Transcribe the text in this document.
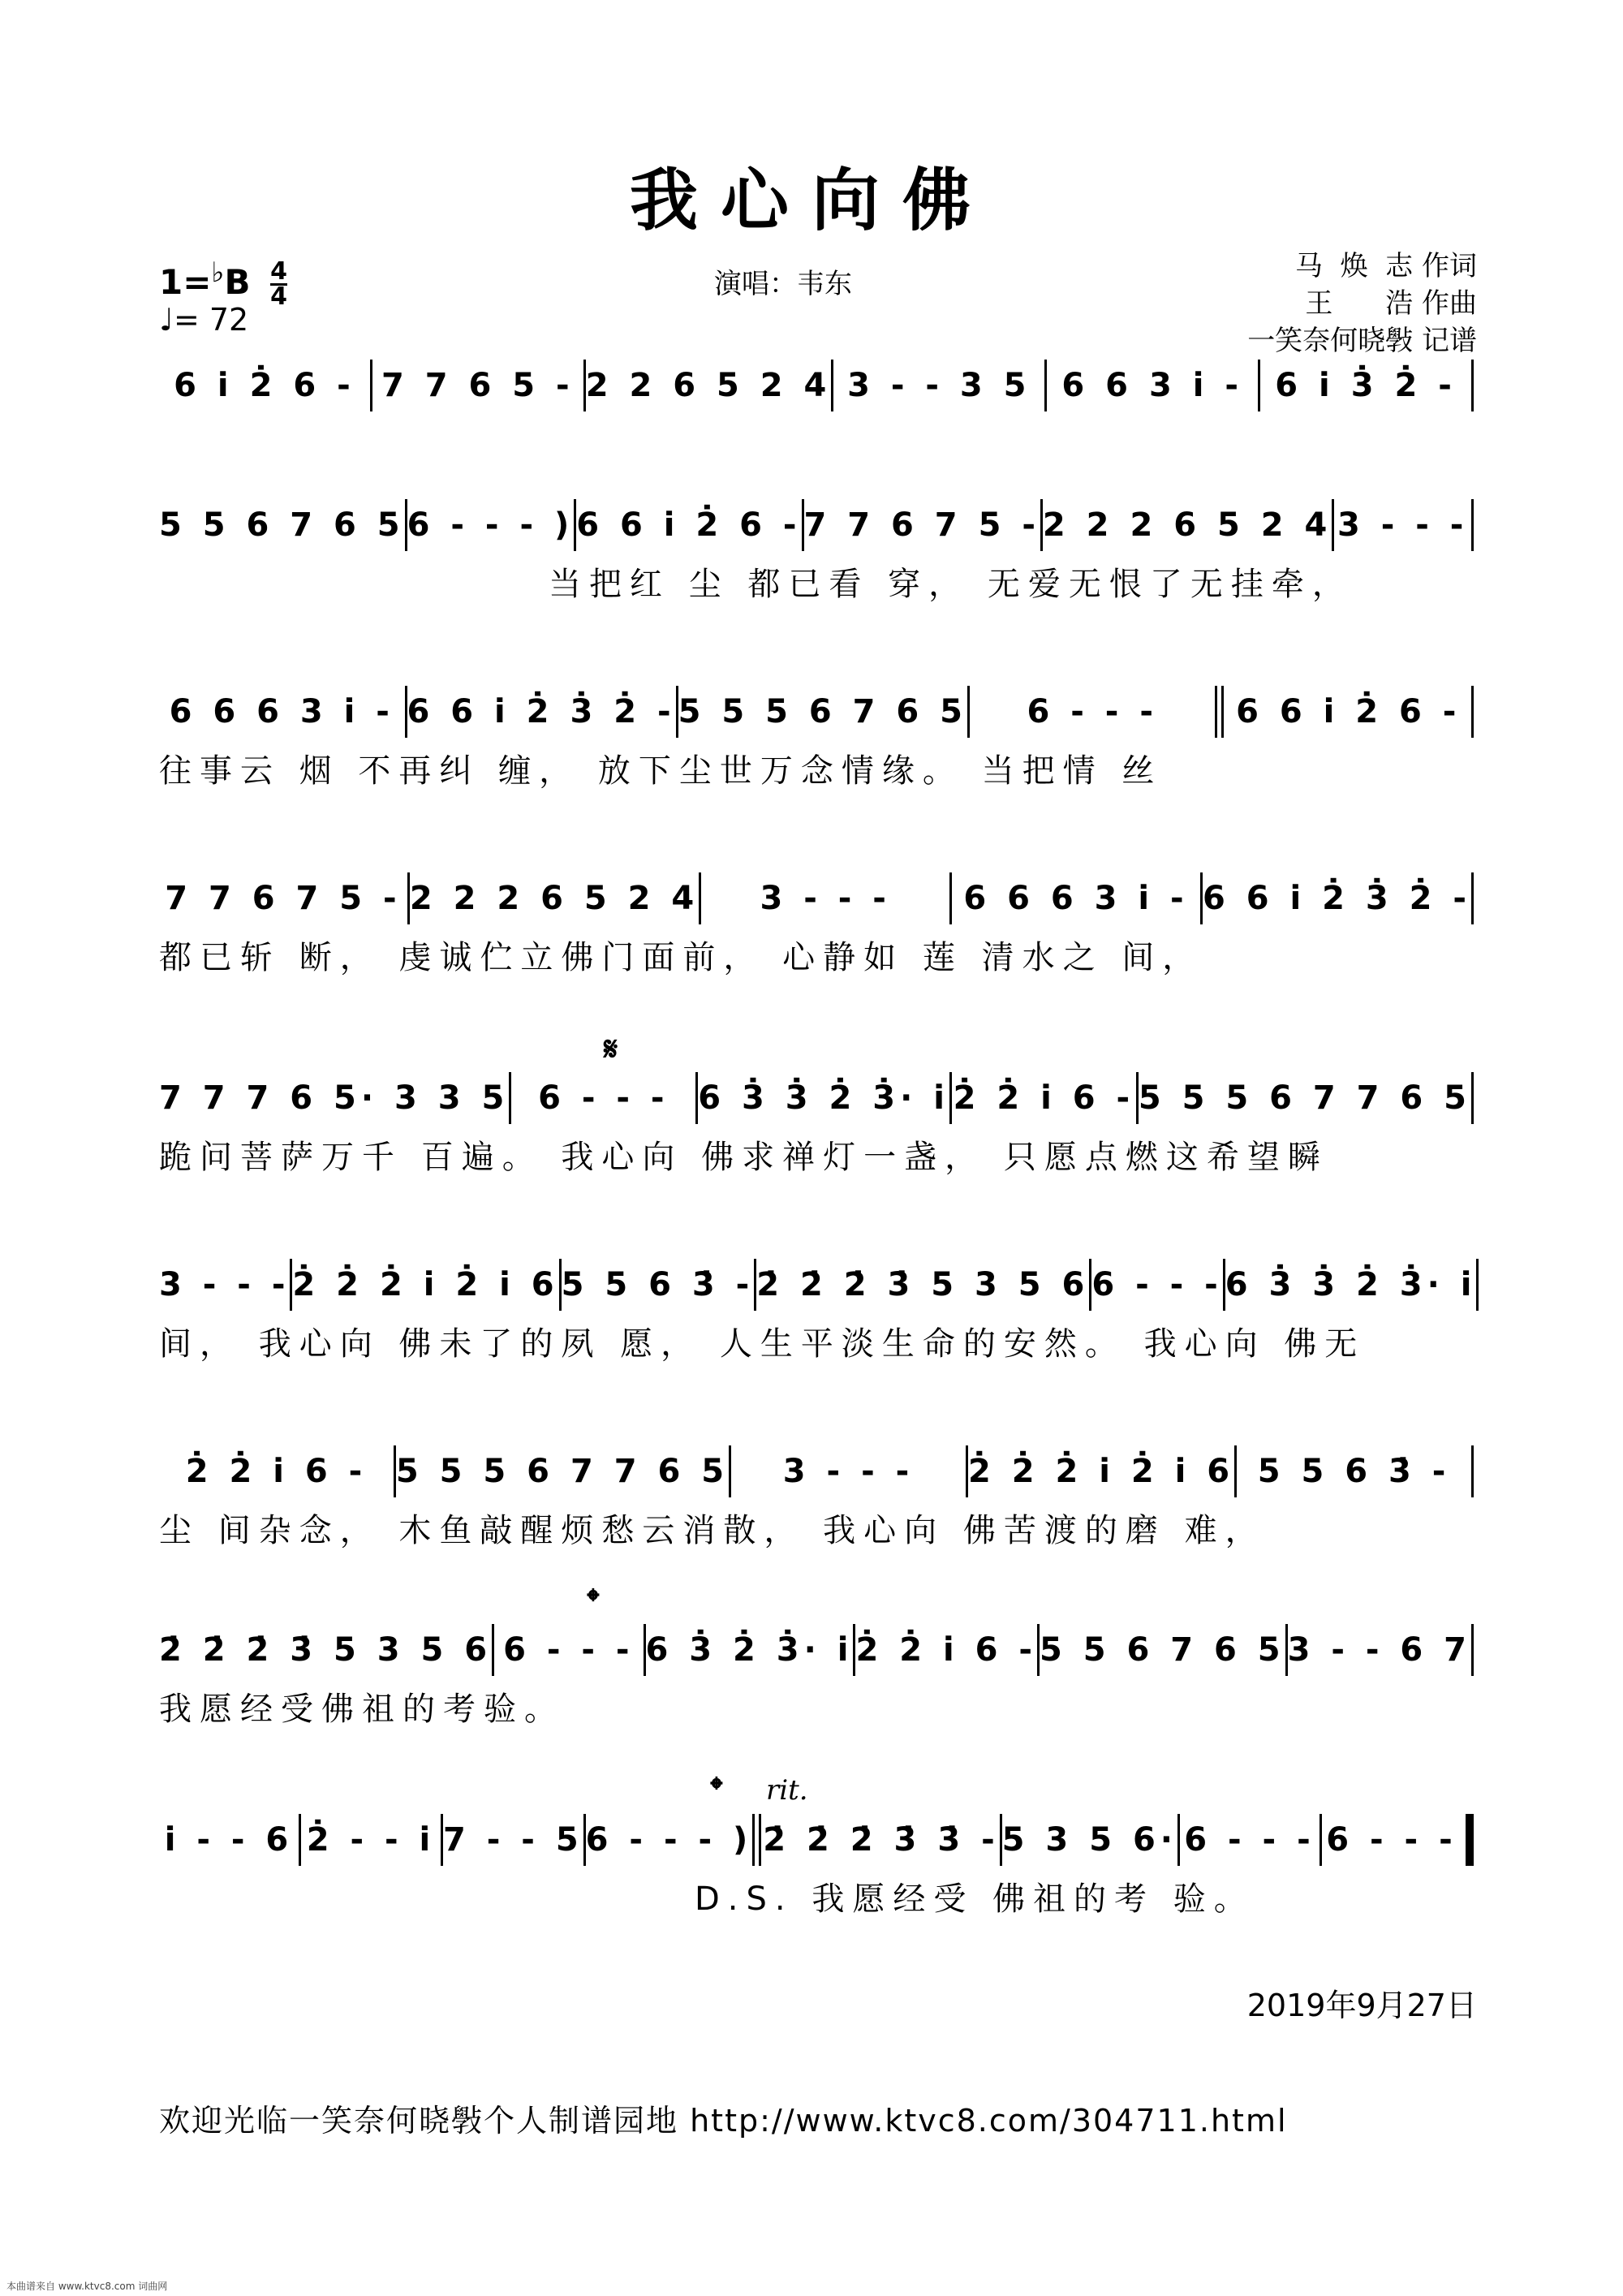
我心向佛
$1=^♭B \frac{4}{4}$
♩= 72
演唱：韦东
马  焕  志 作词
王      浩 作曲
一笑奈何晓斅 记谱
6 i̇ 2̇ 6 - 7 7 6 5 - 2 2 6 5 2 4 3 - - 3 5 6 6 3 i̇ - 6 i̇ 3̇ 2̇ -
5 5 6 7 6 5 6 - - - ) 6 6 i̇ 2̇ 6 - 7 7 6 7 5 - 2 2 2 6 5 2 4 3 - - -
当把红 尘 都已看 穿， 无爱无恨了无挂牵，
6 6 6 3 i̇ - 6 6 i̇ 2̇ 3̇ 2̇ - 5 5 5 6 7 6 5	6 - - -	6 6 i̇ 2̇ 6 -
往事云 烟 不再纠 缠， 放下尘世万念情缘。 当把情 丝
7 7 6 7 5 - 2 2 2 6 5 2 4	3 - - -	6 6 6 3 i̇ - 6 6 i̇ 2̇ 3̇ 2̇ -
都已斩 断， 虔诚伫立佛门面前， 心静如 莲 清水之 间，
𝄋
7 7 7 6 5· 3 3 5 6 - - - 6 3̇ 3̇ 2̇ 3̇· i̇ 2̇ 2̇ i̇ 6 - 5 5 5 6 7 7 6 5
跪问菩萨万千 百遍。 我心向 佛求禅灯一盏， 只愿点燃这希望瞬
3 - - - 2̇ 2̇ 2̇ i̇ 2̇ i̇ 6 5 5 6 3̇ - 2̇ 2̇ 2̇ 3̇ 5 3 5 6 6 - - - 6 3̇ 3̇ 2̇ 3̇· i̇
间， 我心向 佛未了的夙 愿， 人生平淡生命的安然。 我心向 佛无
2̇ 2̇ i̇ 6 - 5 5 5 6 7 7 6 5	3 - - -	2̇ 2̇ 2̇ i̇ 2̇ i̇ 6 5 5 6 3̇ -
尘 间杂念， 木鱼敲醒烦愁云消散， 我心向 佛苦渡的磨 难，
𝄌
2̇ 2̇ 2̇ 3̇ 5 3 5 6 6 - - - 6 3̇ 2̇ 3̇· i̇ 2̇ 2̇ i̇ 6 - 5 5 6 7 6 5 3 - - 6 7
我愿经受佛祖的考验。
𝄌 rit.
i̇ - - 6 2̇ - - i̇ 7 - - 5 6 - - - ) 2̇ 2̇ 2̇ 3̇ 3̇ - 5 3 5 6· 6 - - - 6 - - -
D.S. 我愿经受 佛祖的考 验。
2019年9月27日
欢迎光临一笑奈何晓斅个人制谱园地 http://www.ktvc8.com/304711.html
本曲谱来自 www.ktvc8.com 词曲网
